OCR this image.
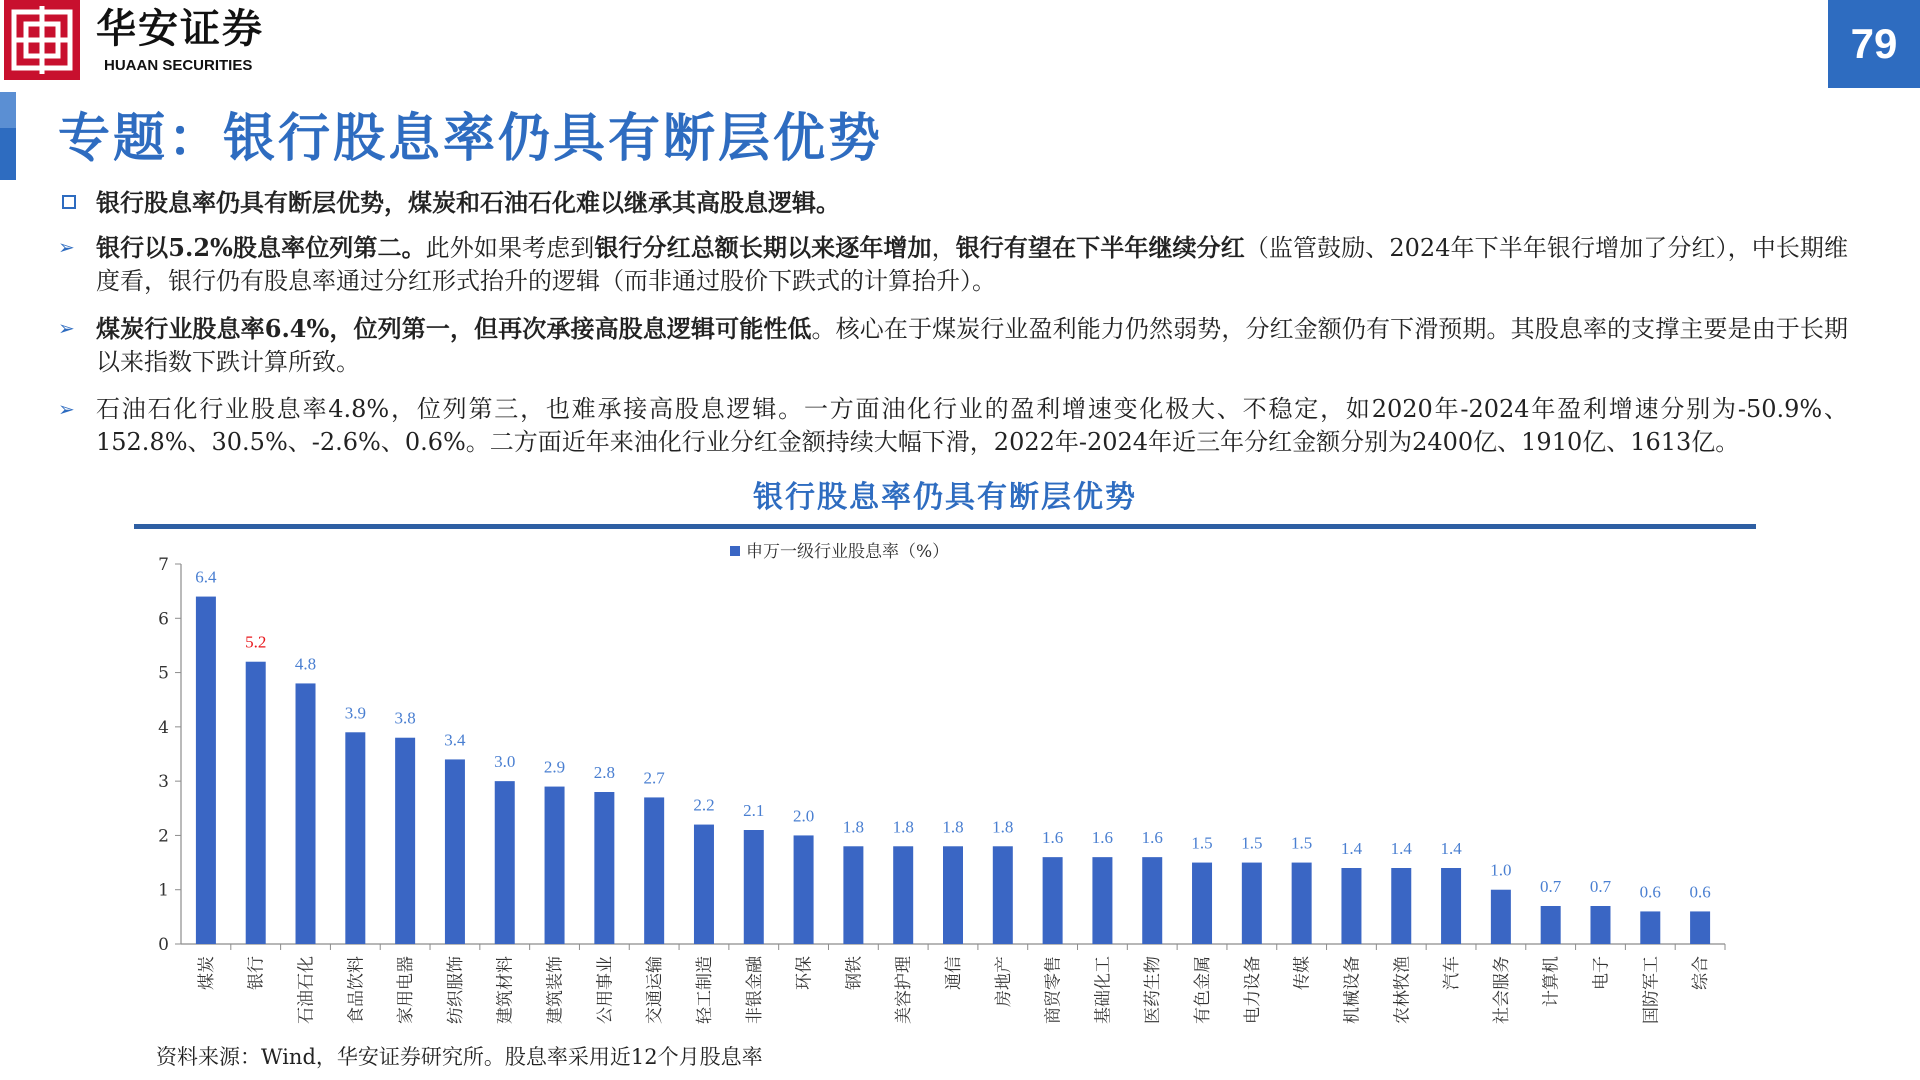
华安证券
HUAAN SECURITIES	79
专题：银行股息率仍具有断层优势
银行股息率仍具有断层优势，煤炭和石油石化难以继承其高股息逻辑。
➢ 银行以5.2%股息率位列第二。此外如果考虑到银行分红总额长期以来逐年增加，银行有望在下半年继续分红（监管鼓励、2024年下半年银行增加了分红），中长期维度看，银行仍有股息率通过分红形式抬升的逻辑（而非通过股价下跌式的计算抬升）。
➢ 煤炭行业股息率6.4%，位列第一，但再次承接高股息逻辑可能性低。核心在于煤炭行业盈利能力仍然弱势，分红金额仍有下滑预期。其股息率的支撑主要是由于长期以来指数下跌计算所致。
➢ 石油石化行业股息率4.8%，位列第三，也难承接高股息逻辑。一方面油化行业的盈利增速变化极大、不稳定，如2020年-2024年盈利增速分别为-50.9%、152.8%、30.5%、-2.6%、0.6%。二方面近年来油化行业分红金额持续大幅下滑，2022年-2024年近三年分红金额分别为2400亿、1910亿、1613亿。
银行股息率仍具有断层优势
0
1
2
3
4
5
6
7
申万一级行业股息率（%）
6.4
煤炭
5.2
银行
4.8
石油石化
3.9
食品饮料
3.8
家用电器
3.4
纺织服饰
3.0
建筑材料
2.9
建筑装饰
2.8
公用事业
2.7
交通运输
2.2
轻工制造
2.1
非银金融
2.0
环保
1.8
钢铁
1.8
美容护理
1.8
通信
1.8
房地产
1.6
商贸零售
1.6
基础化工
1.6
医药生物
1.5
有色金属
1.5
电力设备
1.5
传媒
1.4
机械设备
1.4
农林牧渔
1.4
汽车
1.0
社会服务
0.7
计算机
0.7
电子
0.6
国防军工
0.6
综合
资料来源：Wind，华安证券研究所。股息率采用近12个月股息率
